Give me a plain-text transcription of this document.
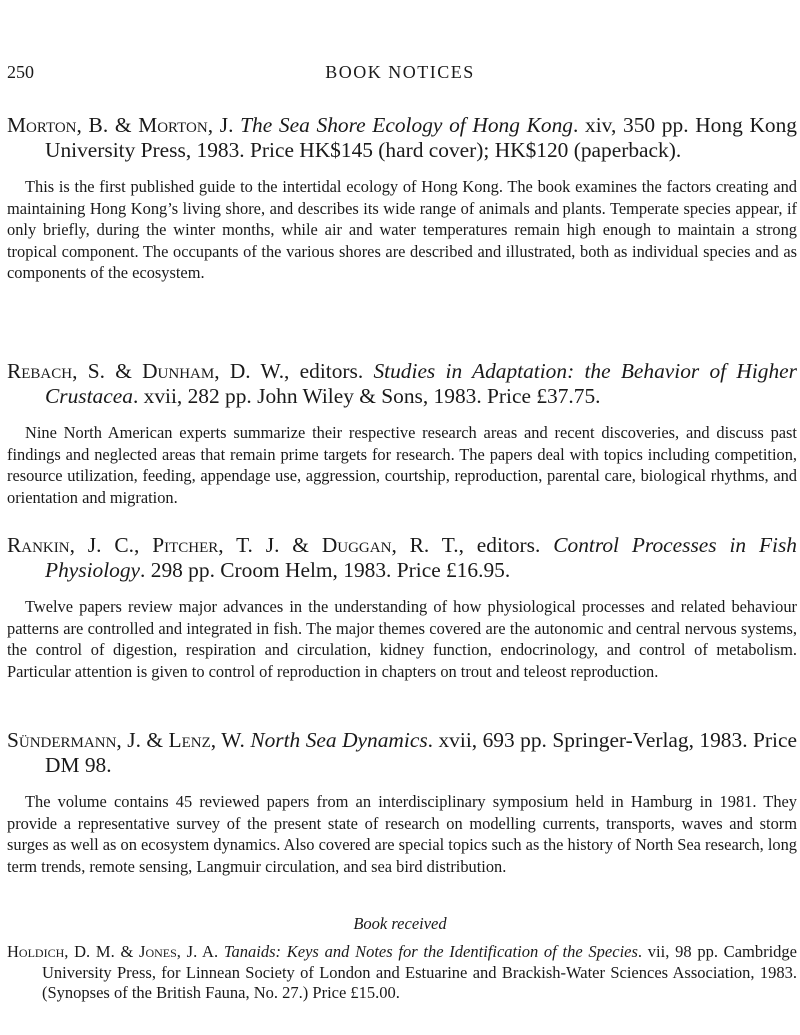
250	BOOK NOTICES
Morton, B. & Morton, J. The Sea Shore Ecology of Hong Kong. xiv, 350 pp. Hong Kong University Press, 1983. Price HK$145 (hard cover); HK$120 (paperback).

This is the first published guide to the intertidal ecology of Hong Kong. The book examines the factors creating and maintaining Hong Kong’s living shore, and describes its wide range of animals and plants. Temperate species appear, if only briefly, during the winter months, while air and water temperatures remain high enough to maintain a strong tropical component. The occupants of the various shores are described and illustrated, both as individual species and as components of the ecosystem.

Rebach, S. & Dunham, D. W., editors. Studies in Adaptation: the Behavior of Higher Crustacea. xvii, 282 pp. John Wiley & Sons, 1983. Price £37.75.

Nine North American experts summarize their respective research areas and recent discoveries, and discuss past findings and neglected areas that remain prime targets for research. The papers deal with topics including competition, resource utilization, feeding, appendage use, aggression, courtship, reproduction, parental care, biological rhythms, and orientation and migration.

Rankin, J. C., Pitcher, T. J. & Duggan, R. T., editors. Control Processes in Fish Physiology. 298 pp. Croom Helm, 1983. Price £16.95.

Twelve papers review major advances in the understanding of how physiological processes and related behaviour patterns are controlled and integrated in fish. The major themes covered are the autonomic and central nervous systems, the control of digestion, respiration and circulation, kidney function, endocrinology, and control of metabolism. Particular attention is given to control of reproduction in chapters on trout and teleost reproduction.

Sündermann, J. & Lenz, W. North Sea Dynamics. xvii, 693 pp. Springer-Verlag, 1983. Price DM 98.

The volume contains 45 reviewed papers from an interdisciplinary symposium held in Hamburg in 1981. They provide a representative survey of the present state of research on modelling currents, transports, waves and storm surges as well as on ecosystem dynamics. Also covered are special topics such as the history of North Sea research, long term trends, remote sensing, Langmuir circulation, and sea bird distribution.

Book received
Holdich, D. M. & Jones, J. A. Tanaids: Keys and Notes for the Identification of the Species. vii, 98 pp. Cambridge University Press, for Linnean Society of London and Estuarine and Brackish-Water Sciences Association, 1983. (Synopses of the British Fauna, No. 27.) Price £15.00.
